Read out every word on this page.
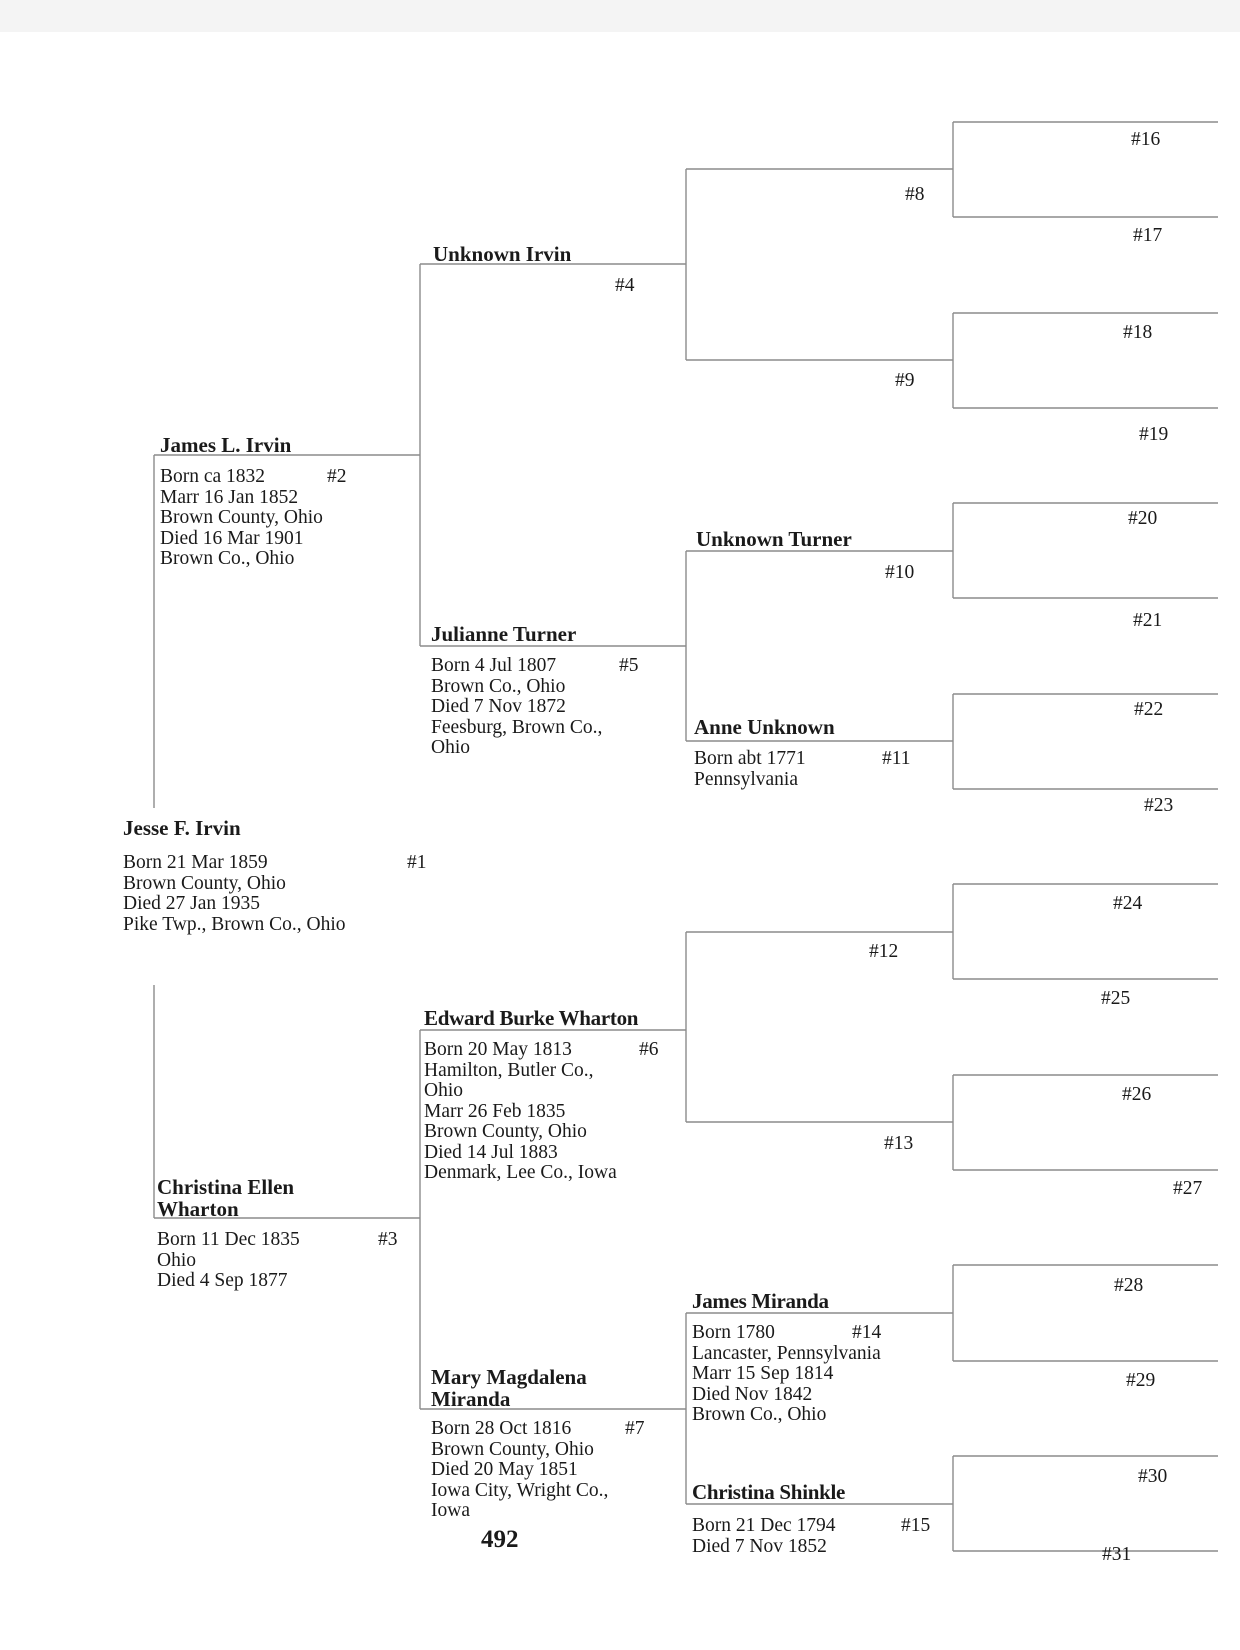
Jesse F. Irvin
#1
Born 21 Mar 1859
Brown County, Ohio
Died 27 Jan 1935
Pike Twp., Brown Co., Ohio
James L. Irvin
#2
Born ca 1832
Marr 16 Jan 1852
Brown County, Ohio
Died 16 Mar 1901
Brown Co., Ohio
Christina Ellen
Wharton
#3
Born 11 Dec 1835
Ohio
Died 4 Sep 1877
Unknown Irvin
#4
Julianne Turner
#5
Born 4 Jul 1807
Brown Co., Ohio
Died 7 Nov 1872
Feesburg, Brown Co.,
Ohio
Edward Burke Wharton
#6
Born 20 May 1813
Hamilton, Butler Co.,
Ohio
Marr 26 Feb 1835
Brown County, Ohio
Died 14 Jul 1883
Denmark, Lee Co., Iowa
Mary Magdalena
Miranda
#7
Born 28 Oct 1816
Brown County, Ohio
Died 20 May 1851
Iowa City, Wright Co.,
Iowa
#8
#9
Unknown Turner
#10
Anne Unknown
#11
Born abt 1771
Pennsylvania
#12
#13
James Miranda
#14
Born 1780
Lancaster, Pennsylvania
Marr 15 Sep 1814
Died Nov 1842
Brown Co., Ohio
Christina Shinkle
#15
Born 21 Dec 1794
Died 7 Nov 1852
#16
#17
#18
#19
#20
#21
#22
#23
#24
#25
#26
#27
#28
#29
#30
#31
492
